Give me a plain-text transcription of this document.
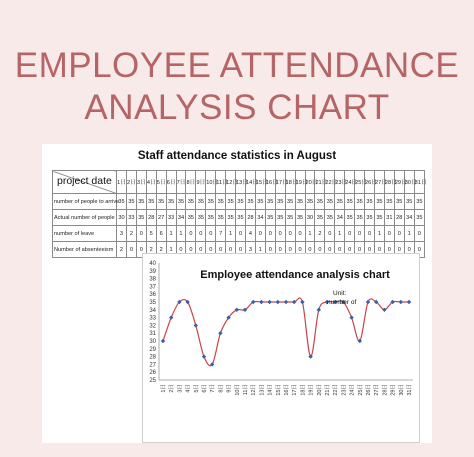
EMPLOYEE ATTENDANCE
ANALYSIS CHART
Staff attendance statistics in August
project date	1日	2日	3日	4日	5日	6日	7日	8日	9日	10日	11日	12日	13日	14日	15日	16日	17日	18日	19日	20日	21日	22日	23日	24日	25日	26日	27日	28日	29日	30日	31日
number of people to arrive	35	35	35	35	35	35	35	35	35	35	35	35	35	35	35	35	35	35	35	35	35	35	35	35	35	35	35	35	35	35	35
Actual number of people	30	33	35	28	27	33	34	35	35	35	35	35	35	28	34	35	35	35	35	30	35	35	34	35	35	35	35	31	28	34	35
number of leave	3	2	0	5	6	1	1	0	0	0	7	1	0	4	0	0	0	0	0	1	2	0	1	0	0	0	1	0	0	1	0
Number of absenteeism	2	0	0	2	2	1	0	0	0	0	0	0	0	3	1	0	0	0	0	0	0	0	0	0	0	0	0	0	0	0	0
Employee attendance analysis chart
25
26
27
28
29
30
31
32
33
34
35
36
37
38
39
40
1日 2日 3日 4日 5日 6日 7日 8日 9日 10日 11日 12日 13日 14日 15日 16日 17日 18日 19日 20日 21日 22日 23日 24日 25日 26日 27日 28日 29日 30日 31日
Unit:
number of
